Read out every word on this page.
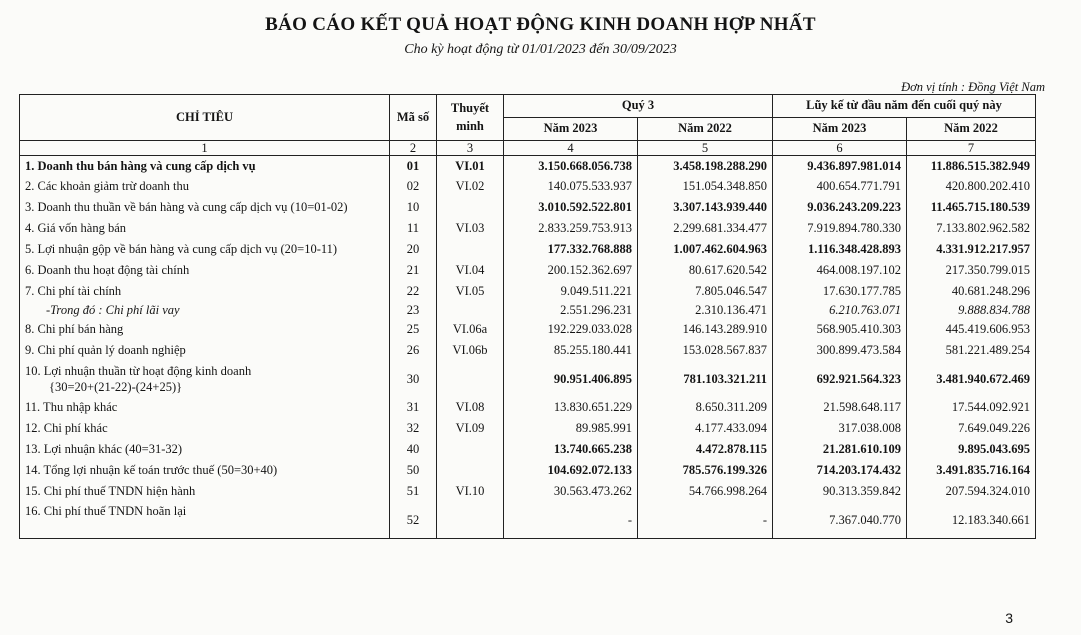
BÁO CÁO KẾT QUẢ HOẠT ĐỘNG KINH DOANH HỢP NHẤT
Cho kỳ hoạt động từ 01/01/2023 đến 30/09/2023
Đơn vị tính : Đồng Việt Nam
CHỈ TIÊU	Mã số	Thuyết minh	Quý 3		Lũy kế từ đầu năm đến cuối quý này	
			Năm 2023	Năm 2022	Năm 2023	Năm 2022

1	2	3	4	5	6	7
1. Doanh thu bán hàng và cung cấp dịch vụ	01	VI.01	3.150.668.056.738	3.458.198.288.290	9.436.897.981.014	11.886.515.382.949
2. Các khoản giảm trừ doanh thu	02	VI.02	140.075.533.937	151.054.348.850	400.654.771.791	420.800.202.410
3. Doanh thu thuần về bán hàng và cung cấp dịch vụ (10=01-02)	10		3.010.592.522.801	3.307.143.939.440	9.036.243.209.223	11.465.715.180.539
4. Giá vốn hàng bán	11	VI.03	2.833.259.753.913	2.299.681.334.477	7.919.894.780.330	7.133.802.962.582
5. Lợi nhuận gộp về bán hàng và cung cấp dịch vụ (20=10-11)	20		177.332.768.888	1.007.462.604.963	1.116.348.428.893	4.331.912.217.957
6. Doanh thu hoạt động tài chính	21	VI.04	200.152.362.697	80.617.620.542	464.008.197.102	217.350.799.015
7. Chi phí tài chính	22	VI.05	9.049.511.221	7.805.046.547	17.630.177.785	40.681.248.296
-Trong đó : Chi phí lãi vay	23		2.551.296.231	2.310.136.471	6.210.763.071	9.888.834.788
8. Chi phí bán hàng	25	VI.06a	192.229.033.028	146.143.289.910	568.905.410.303	445.419.606.953
9. Chi phí quản lý doanh nghiệp	26	VI.06b	85.255.180.441	153.028.567.837	300.899.473.584	581.221.489.254
10. Lợi nhuận thuần từ hoạt động kinh doanh
{30=20+(21-22)-(24+25)}	30		90.951.406.895	781.103.321.211	692.921.564.323	3.481.940.672.469
11. Thu nhập khác	31	VI.08	13.830.651.229	8.650.311.209	21.598.648.117	17.544.092.921
12. Chi phí khác	32	VI.09	89.985.991	4.177.433.094	317.038.008	7.649.049.226
13. Lợi nhuận khác (40=31-32)	40		13.740.665.238	4.472.878.115	21.281.610.109	9.895.043.695
14. Tổng lợi nhuận kế toán trước thuế (50=30+40)	50		104.692.072.133	785.576.199.326	714.203.174.432	3.491.835.716.164
15. Chi phí thuế TNDN hiện hành	51	VI.10	30.563.473.262	54.766.998.264	90.313.359.842	207.594.324.010
16. Chi phí thuế TNDN hoãn lại	52		-	-	7.367.040.770	12.183.340.661
3
